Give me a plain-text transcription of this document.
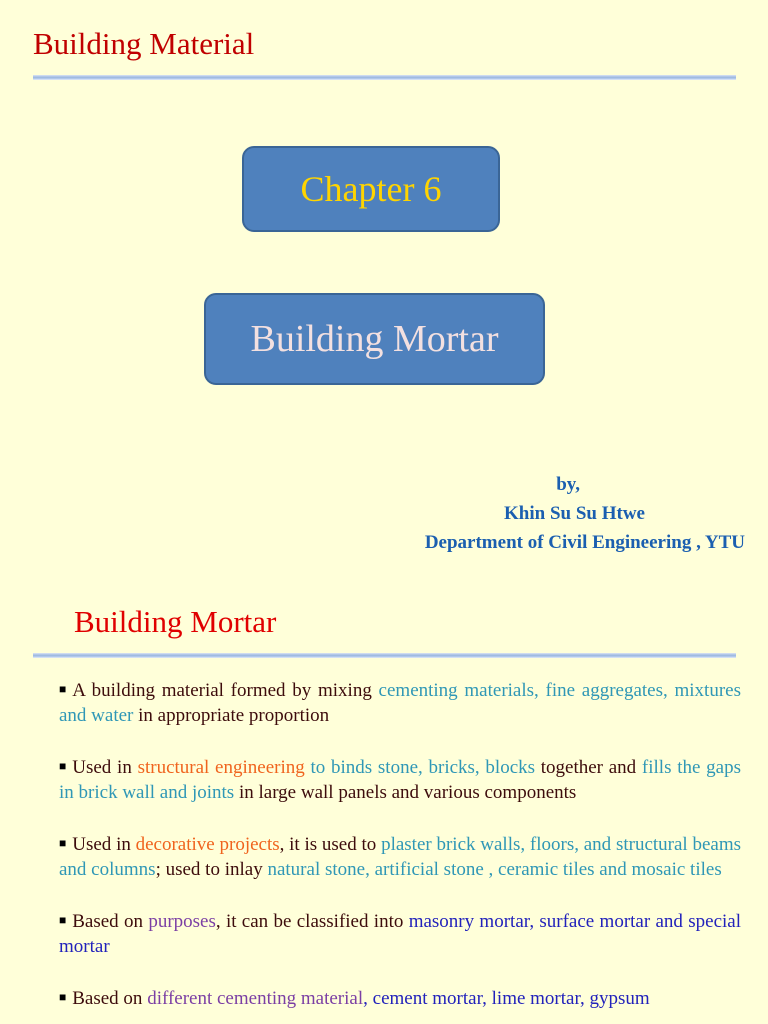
Building Material
Chapter 6
Building Mortar
by,
Khin Su Su Htwe
Department of Civil Engineering , YTU
Building Mortar
■ A building material formed by mixing cementing materials, fine aggregates, mixtures and water in appropriate proportion
■ Used in structural engineering to binds stone, bricks, blocks together and fills the gaps in brick wall and joints in large wall panels and various components
■ Used in decorative projects, it is used to plaster brick walls, floors, and structural beams and columns; used to inlay natural stone, artificial stone , ceramic tiles and mosaic tiles
■ Based on purposes, it can be classified into masonry mortar, surface mortar and special mortar
■ Based on different cementing material, cement mortar, lime mortar, gypsum
